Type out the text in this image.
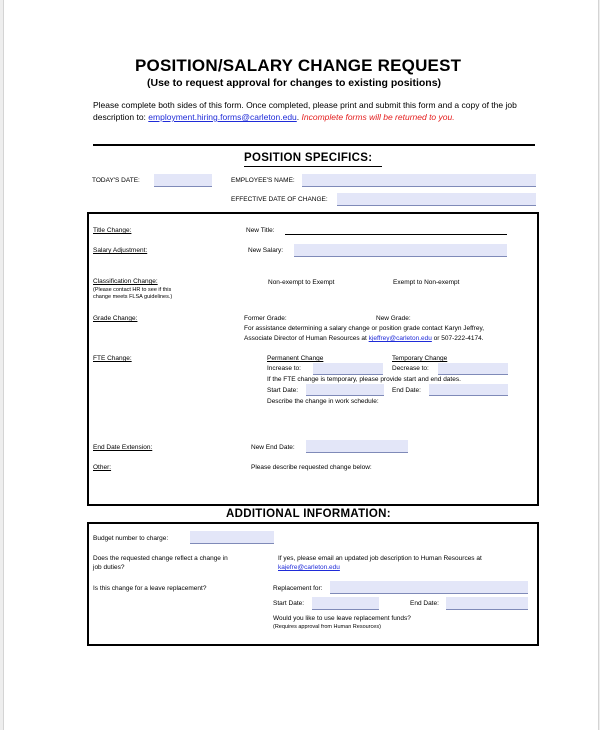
POSITION/SALARY CHANGE REQUEST
(Use to request approval for changes to existing positions)
Please complete both sides of this form. Once completed, please print and submit this form and a copy of the job
description to: employment.hiring.forms@carleton.edu. Incomplete forms will be returned to you.
POSITION SPECIFICS:
TODAY'S DATE:	EMPLOYEE'S NAME:
EFFECTIVE DATE OF CHANGE:
Title Change:	New Title:
Salary Adjustment:	New Salary:
Classification Change:
(Please contact HR to see if this
change meets FLSA guidelines.)
Non-exempt to Exempt	Exempt to Non-exempt
Grade Change:	Former Grade:	New Grade:
For assistance determining a salary change or position grade contact Karyn Jeffrey,
Associate Director of Human Resources at kjeffrey@carleton.edu or 507-222-4174.
FTE Change:	Permanent Change	Temporary Change
Increase to:	Decrease to:
If the FTE change is temporary, please provide start and end dates.
Start Date:	End Date:
Describe the change in work schedule:
End Date Extension:	New End Date:
Other:	Please describe requested change below:
ADDITIONAL INFORMATION:
Budget number to charge:
Does the requested change reflect a change in
job duties?
If yes, please email an updated job description to Human Resources at
kajefre@carleton.edu
Is this change for a leave replacement?	Replacement for:
Start Date:	End Date:
Would you like to use leave replacement funds?
(Requires approval from Human Resources)
